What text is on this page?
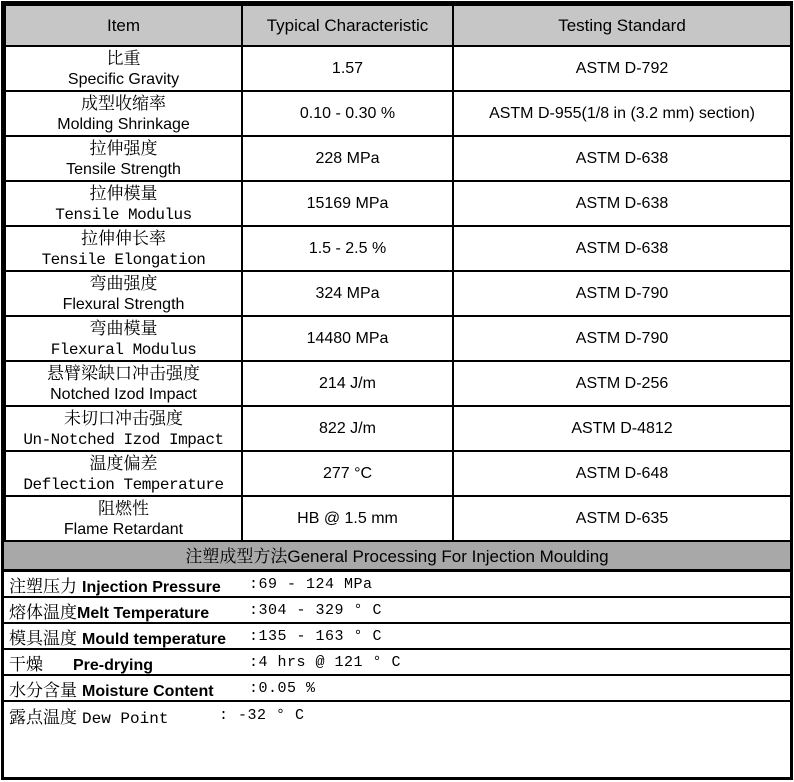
Item	Typical Characteristic	Testing Standard

比重
Specific Gravity	1.57	ASTM D-792

成型收缩率
Molding Shrinkage	0.10 - 0.30 %	ASTM D-955(1/8 in (3.2 mm) section)

拉伸强度
Tensile Strength	228 MPa	ASTM D-638

拉伸模量
Tensile Modulus	15169 MPa	ASTM D-638

拉伸伸长率
Tensile Elongation	1.5 - 2.5 %	ASTM D-638

弯曲强度
Flexural Strength	324 MPa	ASTM D-790

弯曲模量
Flexural Modulus	14480 MPa	ASTM D-790

悬臂梁缺口冲击强度
Notched Izod Impact	214 J/m	ASTM D-256

未切口冲击强度
Un-Notched Izod Impact	822 J/m	ASTM D-4812

温度偏差
Deflection Temperature	277 °C	ASTM D-648

阻燃性
Flame Retardant	HB @ 1.5 mm	ASTM D-635
注塑成型方法General Processing For Injection Moulding
注塑压力 Injection Pressure :69 - 124 MPa
熔体温度 Melt Temperature	:304 - 329 ° C
模具温度 Mould temperature :135 - 163 ° C
干燥 Pre-drying	:4 hrs @ 121 ° C
水分含量 Moisture Content :0.05 %
露点温度 Dew Point	: -32 ° C
